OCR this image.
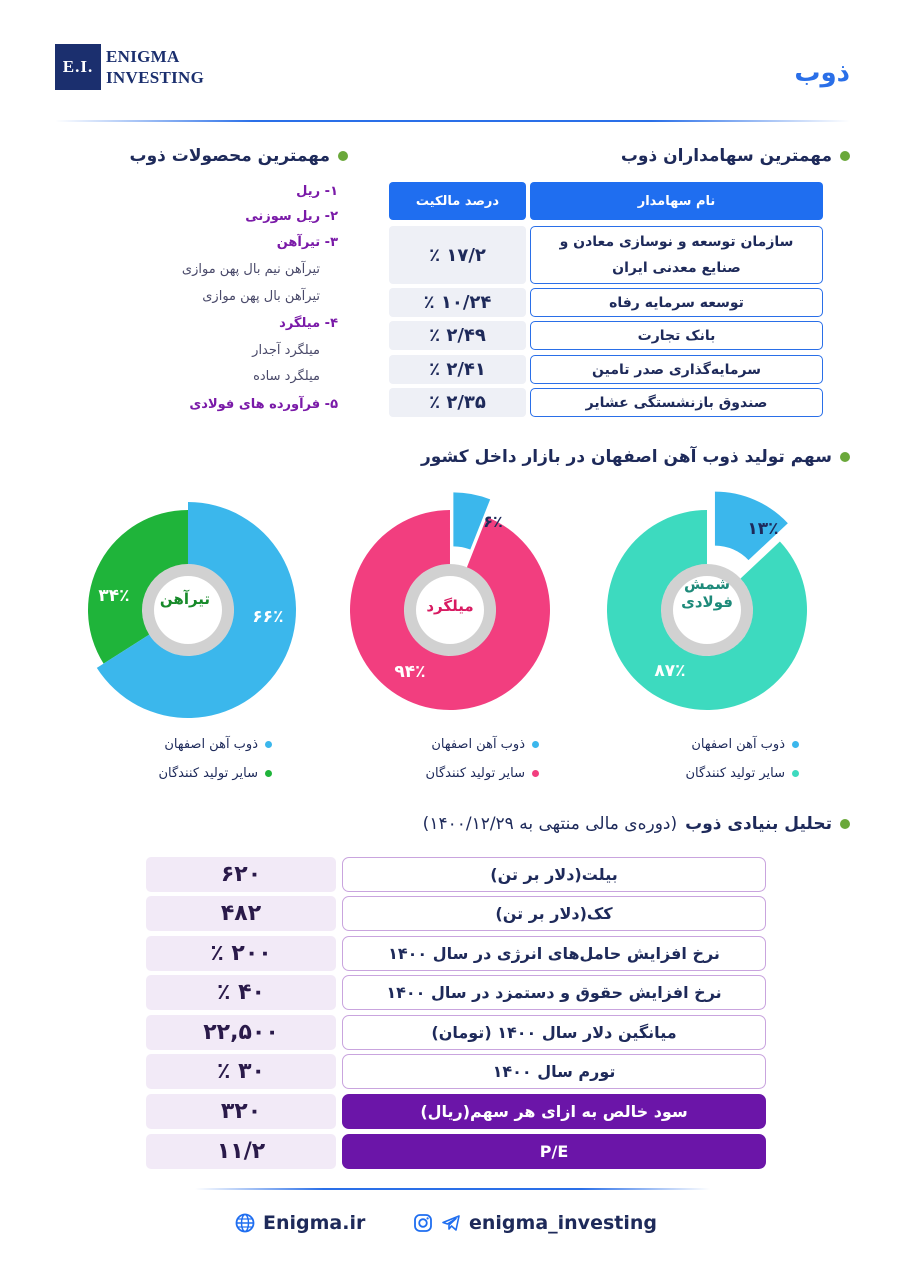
E.I.
ENIGMA
INVESTING	ذوب
مهمترین سهامداران ذوب
نام سهامدار
درصد مالکیت
سازمان توسعه و نوسازی معادن و صنایع معدنی ایران
۱۷/۲ ٪
توسعه سرمایه رفاه
۱۰/۲۴ ٪
بانک تجارت
۲/۴۹ ٪
سرمایه‌گذاری صدر تامین
۲/۴۱ ٪
صندوق بازنشستگی عشایر
۲/۳۵ ٪
مهمترین محصولات ذوب
۱- ریل
۲- ریل سوزنی
۳- تیرآهن
تیرآهن نیم بال پهن موازی
تیرآهن بال پهن موازی
۴- میلگرد
میلگرد آجدار
میلگرد ساده
۵- فرآورده های فولادی
سهم تولید ذوب آهن اصفهان در بازار داخل کشور
شمش فولادی
میلگرد
تیرآهن
۱۳٪
۸۷٪
۶٪
۹۴٪
۶۶٪
۳۴٪
ذوب آهن اصفهان
سایر تولید کنندگان
ذوب آهن اصفهان
سایر تولید کنندگان
ذوب آهن اصفهان
سایر تولید کنندگان
تحلیل بنیادی ذوب
(دوره‌ی مالی منتهی به ۱۴۰۰/۱۲/۲۹)
بیلت(دلار بر تن)
۶۲۰
کک(دلار بر تن)
۴۸۲
نرخ افزایش حامل‌های انرژی در سال ۱۴۰۰
۲۰۰ ٪
نرخ افزایش حقوق و دستمزد در سال ۱۴۰۰
۴۰ ٪
میانگین دلار سال ۱۴۰۰ (تومان)
۲۲,۵۰۰
تورم سال ۱۴۰۰
۳۰ ٪
سود خالص به ازای هر سهم(ریال)
۳۲۰
P/E
۱۱/۲
Enigma.ir	enigma_investing
